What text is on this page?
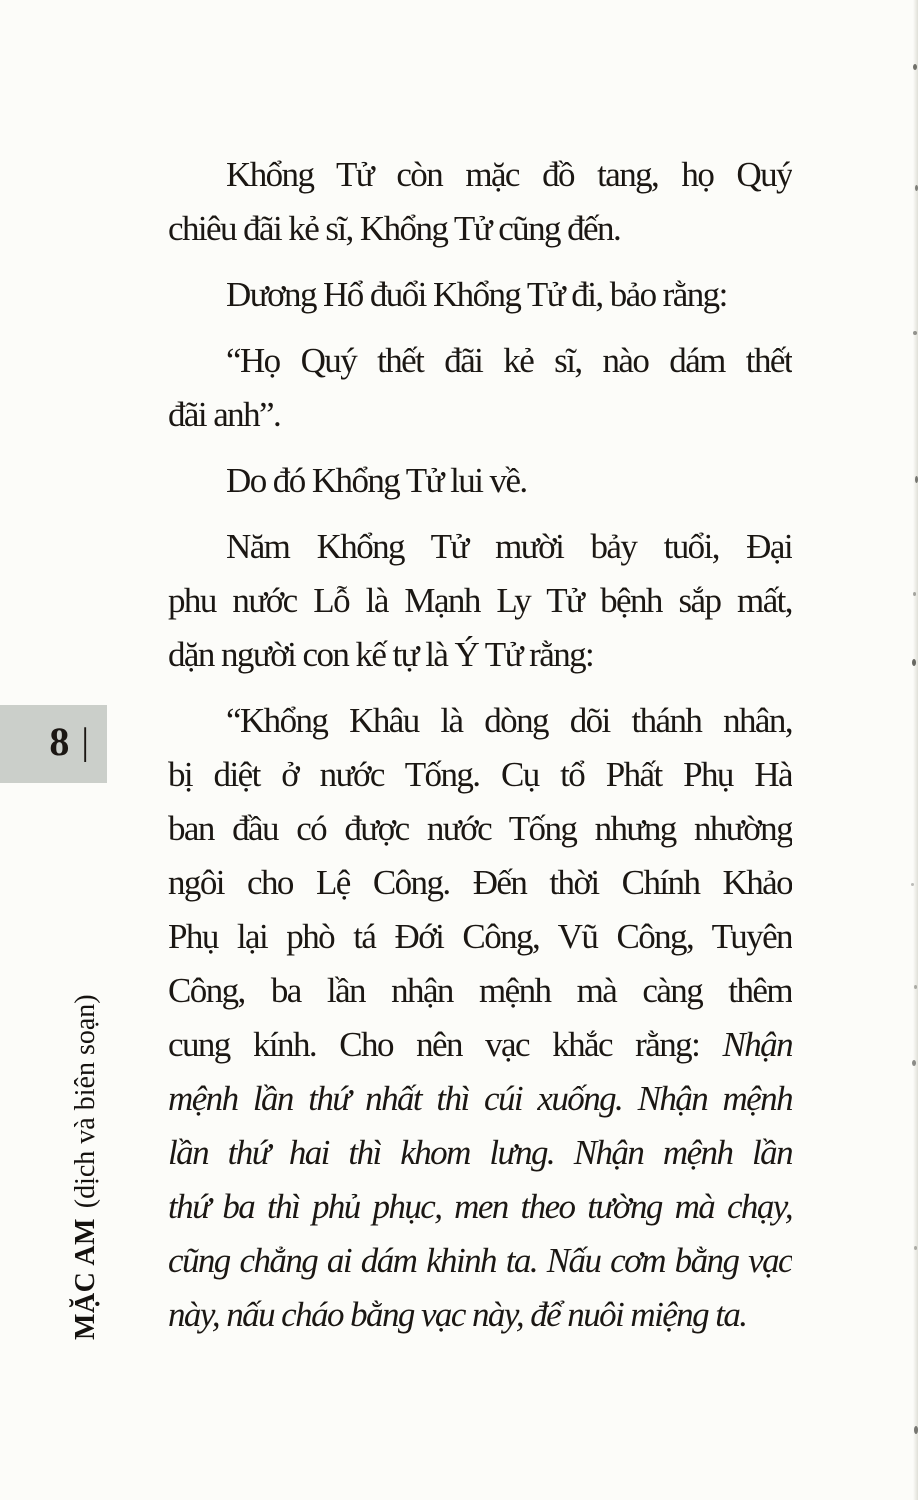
Khổng Tử còn mặc đồ tang, họ Quý
chiêu đãi kẻ sĩ, Khổng Tử cũng đến.
Dương Hổ đuổi Khổng Tử đi, bảo rằng:
“Họ Quý thết đãi kẻ sĩ, nào dám thết
đãi anh”.
Do đó Khổng Tử lui về.
Năm Khổng Tử mười bảy tuổi, Đại
phu nước Lỗ là Mạnh Ly Tử bệnh sắp mất,
dặn người con kế tự là Ý Tử rằng:
“Khổng Khâu là dòng dõi thánh nhân,
bị diệt ở nước Tống. Cụ tổ Phất Phụ Hà
ban đầu có được nước Tống nhưng nhường
ngôi cho Lệ Công. Đến thời Chính Khảo
Phụ lại phò tá Đới Công, Vũ Công, Tuyên
Công, ba lần nhận mệnh mà càng thêm
cung kính. Cho nên vạc khắc rằng: Nhận
mệnh lần thứ nhất thì cúi xuống. Nhận mệnh
lần thứ hai thì khom lưng. Nhận mệnh lần
thứ ba thì phủ phục, men theo tường mà chạy,
cũng chẳng ai dám khinh ta. Nấu cơm bằng vạc
này, nấu cháo bằng vạc này, để nuôi miệng ta.
8 |
MẶC AM(dịch và biên soạn)
